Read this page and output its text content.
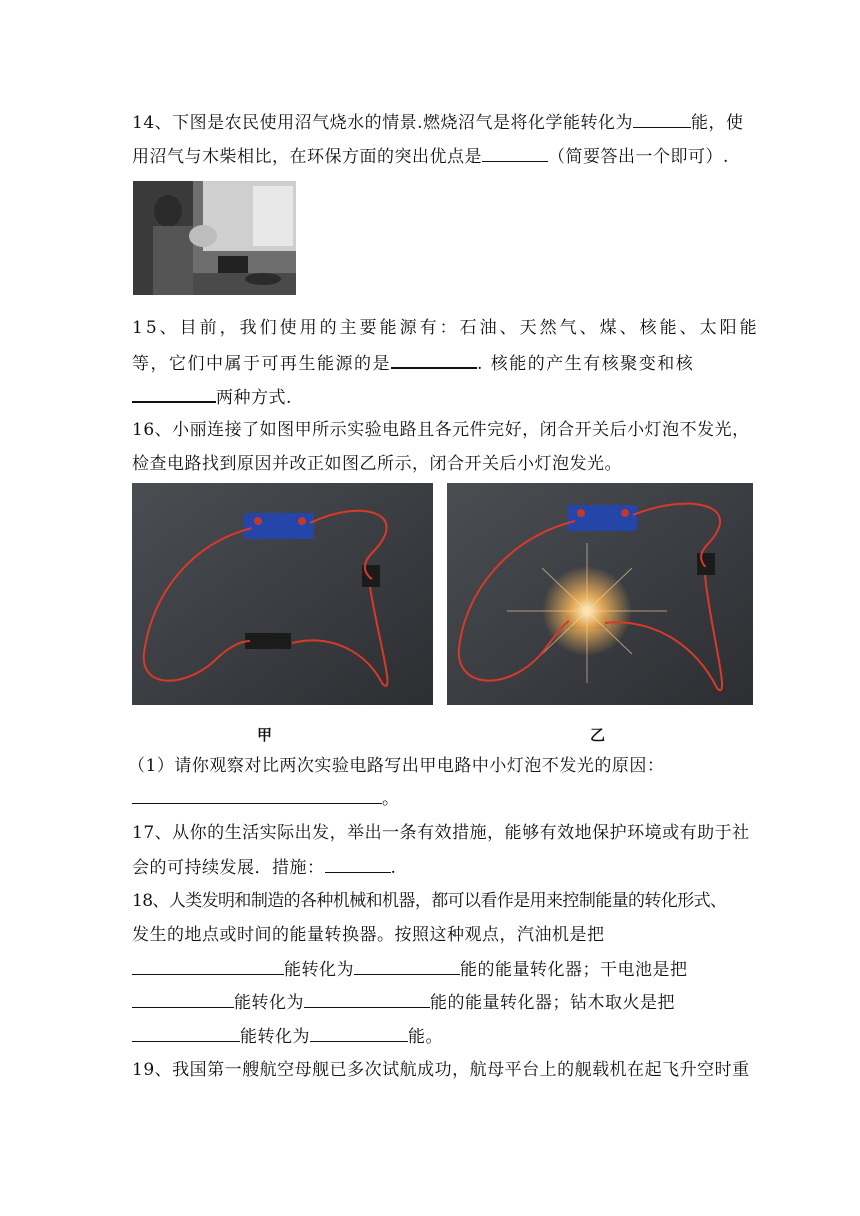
14、下图是农民使用沼气烧水的情景.燃烧沼气是将化学能转化为	能，使
用沼气与木柴相比，在环保方面的突出优点是	（简要答出一个即可）.
15、目前，我们使用的主要能源有：石油、天然气、煤、核能、太阳能
等，它们中属于可再生能源的是	. 核能的产生有核聚变和核
两种方式.
16、小丽连接了如图甲所示实验电路且各元件完好，闭合开关后小灯泡不发光，
检查电路找到原因并改正如图乙所示，闭合开关后小灯泡发光。
甲	乙
（1）请你观察对比两次实验电路写出甲电路中小灯泡不发光的原因：
。
17、从你的生活实际出发，举出一条有效措施，能够有效地保护环境或有助于社
会的可持续发展．措施：	.
18、人类发明和制造的各种机械和机器，都可以看作是用来控制能量的转化形式、
发生的地点或时间的能量转换器。按照这种观点，汽油机是把
能转化为	能的能量转化器；干电池是把
能转化为	能的能量转化器；钻木取火是把
能转化为	能。
19、我国第一艘航空母舰已多次试航成功，航母平台上的舰载机在起飞升空时重
